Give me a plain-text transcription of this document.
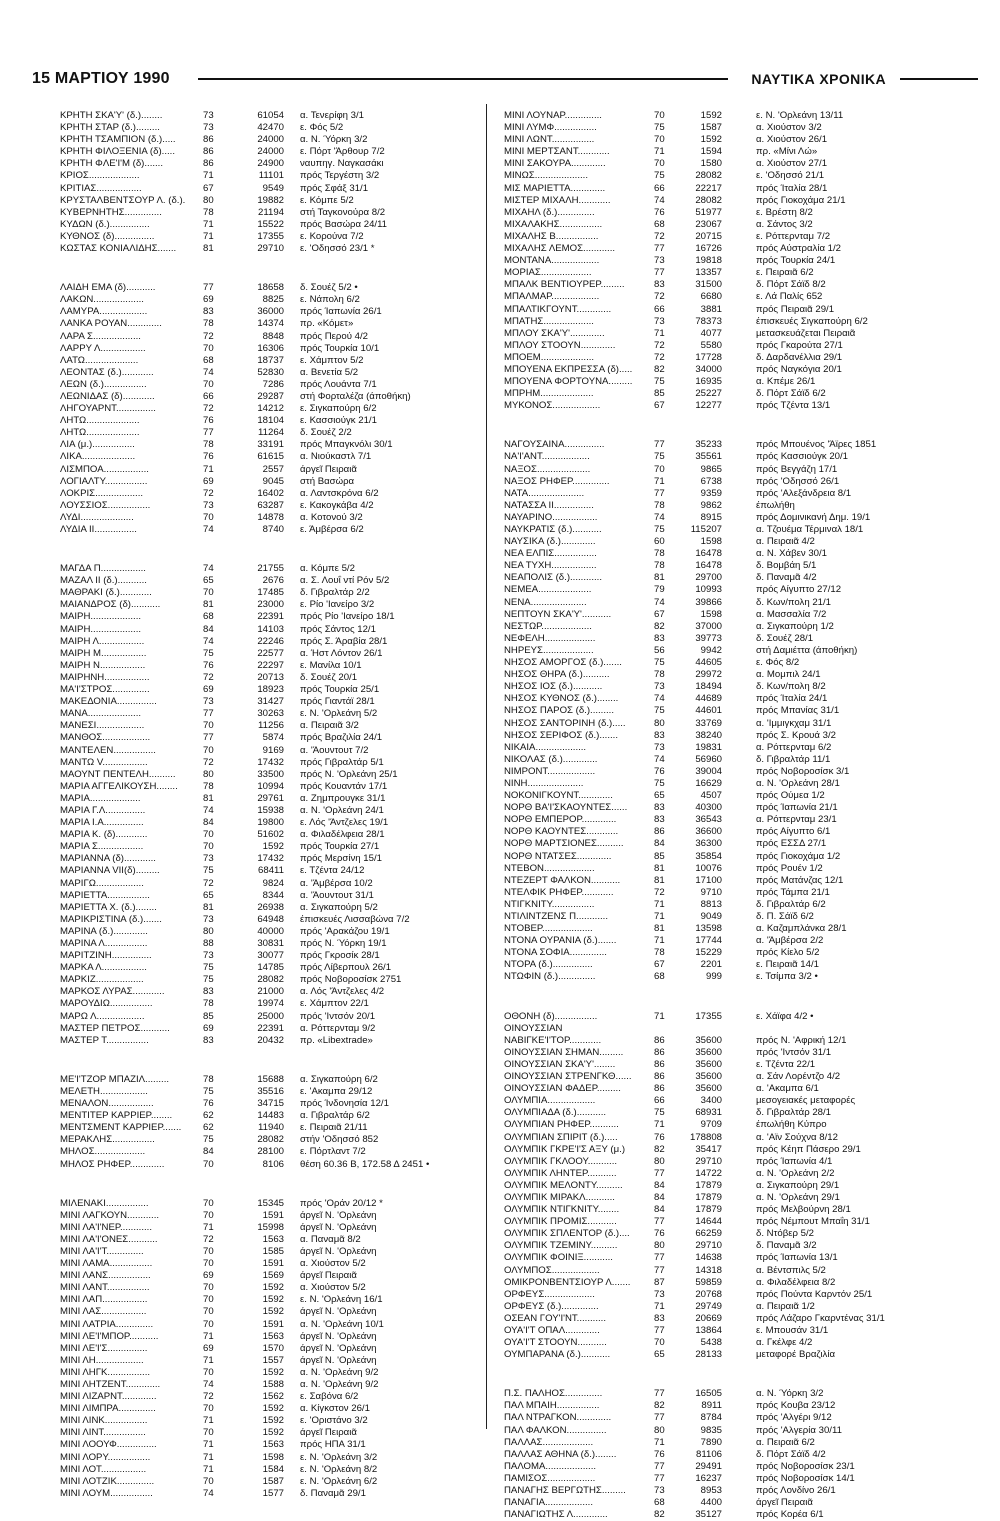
15 ΜΑΡΤΙΟΥ 1990	ΝΑΥΤΙΚΑ ΧΡΟΝΙΚΑ
ΚΡΗΤΗ ΣΚΑ'Υ' (δ.)........	73	61054 α. Τενερίφη 3/1
ΚΡΗΤΗ ΣΤΑΡ (δ.).........	73	42470 ε. Φός 5/2
ΚΡΗΤΗ ΤΣΑΜΠΙΟΝ (δ.).....	86	24000 α. Ν. Ύόρκη 3/2
ΚΡΗΤΗ ΦΙΛΟΞΕΝΙΑ (δ).....	86	24000 ε. Πόρτ 'Άρθουρ 7/2
ΚΡΗΤΗ ΦΛΕ'Ι'Μ (δ).......	86	24900 ναυπηγ. Ναγκασάκι
ΚΡΙΟΣ...................	71	11101 πρός Τεργέστη 3/2
ΚΡΙΤΙΑΣ.................	67	9549 πρός Σφάξ 31/1
ΚΡΥΣΤΑΛΒΕΝΤΣΟΥΡ Λ. (δ.). 80	19882 ε. Κόμπε 5/2
ΚΥΒΕΡΝΗΤΗΣ..............	78	21194 στή Ταγκονούρα 8/2
ΚΥΔΩΝ (δ.)...............	71	15522 πρός Βασώρα 24/11
ΚΥΘΝΟΣ (δ)...............	71	17355 ε. Κορούνα 7/2
ΚΩΣΤΑΣ ΚΟΝΙΑΛΙΔΗΣ.......	81	29710 ε. 'Οδησσό 23/1 *
ΛΑΙΔΗ ΕΜΑ (δ)...........	77	18658 δ. Σουέζ 5/2 •
ΛΑΚΩΝ...................	69	8825 ε. Νάπολη 6/2
ΛΑΜΥΡΑ..................	83	36000 πρός Ίαπωνία 26/1
ΛΑΝΚΑ ΡΟΥΑΝ.............	78	14374 πρ. «Κόμετ»
ΛΑΡΑ Σ..................	72	8848 πρός Περού 4/2
ΛΑΡΡΥ Λ.................	70	16306 πρός Τουρκία 10/1
ΛΑΤΩ....................	68	18737 ε. Χάμπτον 5/2
ΛΕΟΝΤΑΣ (δ.)............	74	52830 α. Βενετία 5/2
ΛΕΩΝ (δ.)................	70	7286 πρός Λουάντα 7/1
ΛΕΩΝΙΔΑΣ (δ)............	66	29287 στή Φορταλέζα (άποθήκη)
ΛΗΓΟΥΑΡΝΤ...............	72	14212 ε. Σιγκαπούρη 6/2
ΛΗΤΩ....................	76	18104 ε. Κασσιούγκ 21/1
ΛΗΤΩ....................	77	11264 δ. Σουέζ 2/2
ΛΙΑ (μ.)................	78	33191 πρός Μπαγκνόλι 30/1
ΛΙΚΑ....................	76	61615 α. Νιούκαστλ 7/1
ΛΙΣΜΠΟΑ.................	71	2557 άργεῖ Πειραιᾶ
ΛΟΓΙΑΛΤΥ................	69	9045 στή Βασώρα
ΛΟΚΡΙΣ..................	72	16402 α. Λαντσκρόνα 6/2
ΛΟΥΣΣΙΟΣ................	73	63287 ε. Κακογκάβα 4/2
ΛΥΔΙ....................	70	14878 α. Κοτονού 3/2
ΛΥΔΙΑ ΙΙ................	74	8740 ε. Άμβέρσα 6/2
ΜΑΓΔΑ Π.................	74	21755 α. Κόμπε 5/2
ΜΑΖΑΛ ΙΙ (δ.)...........	65	2676 α. Σ. Λουΐ ντί Ρόν 5/2
ΜΑΘΡΑΚΙ (δ.)............	70	17485 δ. Γιβραλτάρ 2/2
ΜΑΙΑΝΔΡΟΣ (δ)...........	81	23000 ε. Ρίο 'Ιανείρο 3/2
ΜΑΙΡΗ...................	68	22391 πρός Ρίο 'Ιανείρο 18/1
ΜΑΙΡΗ...................	84	14103 πρός Σάντος 12/1
ΜΑΙΡΗ Λ.................	74	22246 πρός Σ. Άραβία 28/1
ΜΑΙΡΗ Μ.................	75	22577 α. Ήστ Λόντον 26/1
ΜΑΙΡΗ Ν.................	76	22297 ε. Μανίλα 10/1
ΜΑΙΡΗΝΗ.................	72	20713 δ. Σουέζ 20/1
ΜΑ'Ι'ΣΤΡΟΣ..............	69	18923 πρός Τουρκία 25/1
ΜΑΚΕΔΟΝΙΑ...............	73	31427 πρός Γιαντάϊ 28/1
ΜΑΝΑ....................	77	30263 ε. Ν. 'Ορλεάνη 5/2
ΜΑΝΕΣΙ..................	70	11256 α. Πειραιᾶ 3/2
ΜΑΝΘΟΣ..................	77	5874 πρός Βραζιλία 24/1
ΜΑΝΤΕΛΕΝ................	70	9169 α. 'Άουντουτ 7/2
ΜΑΝΤΩ V.................	72	17432 πρός Γιβραλτάρ 5/1
ΜΑΟΥΝΤ ΠΕΝΤΕΛΗ..........	80	33500 πρός Ν. 'Ορλεάνη 25/1
ΜΑΡΙΑ ΑΓΓΕΛΙΚΟΥΣΗ........	78	10994 πρός Κουαντάν 17/1
ΜΑΡΙΑ...................	81	29761 α. Ζημπρουγκε 31/1
ΜΑΡΙΑ Γ.Λ...............	74	15938 α. Ν. 'Ορλεάνη 24/1
ΜΑΡΙΑ Ι.Α...............	84	19800 ε. Λός 'Άντζελες 19/1
ΜΑΡΙΑ Κ. (δ)............	70	51602 α. Φιλαδέλφεια 28/1
ΜΑΡΙΑ Σ.................	70	1592 πρός Τουρκία 27/1
ΜΑΡΙΑΝΝΑ (δ)............	73	17432 πρός Μερσίνη 15/1
ΜΑΡΙΑΝΝΑ VII(δ).........	75	68411 ε. Τζέντα 24/12
ΜΑΡΙΓΩ..................	72	9824 α. 'Άμβέρσα 10/2
ΜΑΡΙΕΤΤΑ................	65	8344 α. 'Άουντουτ 31/1
ΜΑΡΙΕΤΤΑ Χ. (δ.)........	81	26938 α. Σιγκαπούρη 5/2
ΜΑΡΙΚΡΙΣΤΙΝΑ (δ.).......	73	64948 έπισκευές Λισσαβώνα 7/2
ΜΑΡΙΝΑ (δ.).............	80	40000 πρός 'Αρακάζου 19/1
ΜΑΡΙΝΑ Λ................	88	30831 πρός Ν. Ύόρκη 19/1
ΜΑΡΙΤΖΙΝΗ...............	73	30077 πρός Γκροσίκ 28/1
ΜΑΡΚΑ Λ.................	75	14785 πρός Λίβερπουλ 26/1
ΜΑΡΚΙΖ..................	75	28082 πρός Νοβοροσίσκ 2751
ΜΑΡΚΟΣ ΛΥΡΑΣ............	83	21000 α. Λός 'Άντζελες 4/2
ΜΑΡΟΥΔΙΩ................	78	19974 ε. Χάμπτον 22/1
ΜΑΡΩ Λ..................	85	25000 πρός 'Ιντσόν 20/1
ΜΑΣΤΕΡ ΠΕΤΡΟΣ...........	69	22391 α. Ρόττερνταμ 9/2
ΜΑΣΤΕΡ Τ................	83	20432 πρ. «Libextrade»
ΜΕ'Ι'ΤΖΟΡ ΜΠΑΖΙΛ.........	78	15688 α. Σιγκαπούρη 6/2
ΜΕΛΕΤΗ..................	75	35516 ε. 'Ακαμπα 29/12
ΜΕΝΑΛΟΝ.................	76	34715 πρός Ίνδονησία 12/1
ΜΕΝΤΙΤΕΡ ΚΑΡΡΙΕΡ........	62	14483 α. Γιβραλτάρ 6/2
ΜΕΝΤΣΜΕΝΤ ΚΑΡΡΙΕΡ.......	62	11940 ε. Πειραιᾶ 21/11
ΜΕΡΑΚΛΗΣ................	75	28082 στήν 'Οδησσό 852
ΜΗΛΟΣ...................	84	28100 ε. Πόρτλαντ 7/2
ΜΗΛΟΣ ΡΗΦΕΡ.............	70	8106 θέση 60.36 Β, 172.58 Δ 2451 •
ΜΙΛΕΝΑΚΙ................	70	15345 πρός 'Οράν 20/12 *
ΜΙΝΙ ΛΑΓΚΟΥΝ............	70	1591 άργεῖ Ν. 'Ορλεάνη
ΜΙΝΙ ΛΑ'Ι'ΝΕΡ............	71	15998 άργεῖ Ν. 'Ορλεάνη
ΜΙΝΙ ΛΑ'Ι'ΟΝΕΣ...........	72	1563 α. Παναμᾶ 8/2
ΜΙΝΙ ΛΑ'Ι'Τ..............	70	1585 άργεῖ Ν. 'Ορλεάνη
ΜΙΝΙ ΛΑΜΑ................	70	1591 α. Χιούστον 5/2
ΜΙΝΙ ΛΑΝΣ................	69	1569 άργεῖ Πειραιᾶ
ΜΙΝΙ ΛΑΝΤ................	70	1592 α. Χιούστον 5/2
ΜΙΝΙ ΛΑΠ.................	70	1592 ε. Ν. 'Ορλεάνη 16/1
ΜΙΝΙ ΛΑΣ.................	70	1592 άργεῖ Ν. 'Ορλεάνη
ΜΙΝΙ ΛΑΤΡΙΑ..............	70	1591 α. Ν. 'Ορλεάνη 10/1
ΜΙΝΙ ΛΕ'Ι'ΜΠΟΡ...........	71	1563 άργεῖ Ν. 'Ορλεάνη
ΜΙΝΙ ΛΕ'Ι'Σ...............	69	1570 άργεῖ Ν. 'Ορλεάνη
ΜΙΝΙ ΛΗ..................	71	1557 άργεῖ Ν. 'Ορλεάνη
ΜΙΝΙ ΛΗΓΚ................	70	1592 α. Ν. 'Ορλεάνη 9/2
ΜΙΝΙ ΛΗΤΖΕΝΤ.............	74	1588 α. Ν. 'Ορλεάνη 9/2
ΜΙΝΙ ΛΙΖΑΡΝΤ.............	72	1562 ε. Σαβόνα 6/2
ΜΙΝΙ ΛΙΜΠΡΑ..............	70	1592 α. Κίγκστον 26/1
ΜΙΝΙ ΛΙΝΚ................	71	1592 ε. 'Οριστάνο 3/2
ΜΙΝΙ ΛΙΝΤ................	70	1592 άργεῖ Πειραιᾶ
ΜΙΝΙ ΛΟΟΥΦ...............	71	1563 πρός ΗΠΑ 31/1
ΜΙΝΙ ΛΟΡΥ................	71	1598 ε. Ν. 'Ορλεάνη 3/2
ΜΙΝΙ ΛΟΤ.................	71	1584 ε. Ν. 'Ορλεάνη 8/2
ΜΙΝΙ ΛΟΤΖΙΚ..............	70	1587 ε. Ν. 'Ορλεάνη 6/2
ΜΙΝΙ ΛΟΥΜ................	74	1577 δ. Παναμᾶ 29/1
ΜΙΝΙ ΛΟΥΝΑΡ..............	70	1592	ε. Ν. 'Ορλεάνη 13/11
ΜΙΝΙ ΛΥΜΦ................	75	1587	α. Χιούστον 3/2
ΜΙΝΙ ΛΩΝΤ................	70	1592	α. Χιούστον 26/1
ΜΙΝΙ ΜΕΡΤΣΑΝΤ............	71	1594	πρ. «Μίνι Λώ»
ΜΙΝΙ ΣΑΚΟΥΡΑ.............	70	1580	α. Χιούστον 27/1
ΜΙΝΩΣ....................	75	28082	ε. 'Οδησσό 21/1
ΜΙΣ ΜΑΡΙΕΤΤΑ.............	66	22217	πρός Ίταλία 28/1
ΜΙΣΤΕΡ ΜΙΧΑΛΗ............	74	28082	πρός Γιοκοχάμα 21/1
ΜΙΧΑΗΛ (δ.)..............	76	51977	ε. Βρέστη 8/2
ΜΙΧΑΛΑΚΗΣ................	68	23067	α. Σάντος 3/2
ΜΙΧΑΛΗΣ Β................	72	20715	ε. Ρόττερνταμ 7/2
ΜΙΧΑΛΗΣ ΛΕΜΟΣ............	77	16726	πρός Αύστραλία 1/2
ΜΟΝΤΑΝΑ..................	73	19818	πρός Τουρκία 24/1
ΜΟΡΙΑΣ...................	77	13357	ε. Πειραιᾶ 6/2
ΜΠΑΛΚ ΒΕΝΤΙΟΥΡΕΡ.........	83	31500	δ. Πόρτ Σάϊδ 8/2
ΜΠΑΛΜΑΡ..................	72	6680	ε. Λά Παλίς 652
ΜΠΑΛΤΙΚΓΟΥΝΤ.............	66	3881	πρός Πειραιᾶ 29/1
ΜΠΑΤΗΣ...................	73	78373	έπισκευές Σιγκαπούρη 6/2
ΜΠΛΟΥ ΣΚΑ'Υ'.............	71	4077	μετασκευάζεται Πειραιᾶ
ΜΠΛΟΥ ΣΤΟΟΥΝ.............	72	5580	πρός Γκαρούτα 27/1
ΜΠΟΕΜ....................	72	17728	δ. Δαρδανέλλια 29/1
ΜΠΟΥΕΝΑ ΕΚΠΡΕΣΣΑ (δ).....	82	34000	πρός Ναγκόγια 20/1
ΜΠΟΥΕΝΑ ΦΟΡΤΟΥΝΑ.........	75	16935	α. Κπέμε 26/1
ΜΠΡΗΜ....................	85	25227	δ. Πόρτ Σάϊδ 6/2
ΜΥΚΟΝΟΣ..................	67	12277	πρός Τζέντα 13/1
ΝΑΓΟΥΣΑΙΝΑ...............	77	35233	πρός Μπουένος 'Άϊρες 1851
ΝΑ'Ι'ΑΝΤ..................	75	35561	πρός Κασσιούγκ 20/1
ΝΑΞΟΣ....................	70	9865	πρός Βεγγάζη 17/1
ΝΑΞΟΣ ΡΗΦΕΡ..............	71	6738	πρός 'Οδησσό 26/1
ΝΑΤΑ.....................	77	9359	πρός 'Αλεξάνδρεια 8/1
ΝΑΤΑΣΣΑ ΙΙ...............	78	9862	έπωλήθη
ΝΑΥΑΡΙΝΟ.................	74	8915	πρός Δομινικανή Δημ. 19/1
ΝΑΥΚΡΑΤΙΣ (δ.)...........	75	115207	α. Τζουέμα Τέρμιναλ 18/1
ΝΑΥΣΙΚΑ (δ.).............	60	1598	α. Πειραιᾶ 4/2
ΝΕΑ ΕΛΠΙΣ................	78	16478	α. Ν. Χάβεν 30/1
ΝΕΑ ΤΥΧΗ.................	78	16478	δ. Βομβάη 5/1
ΝΕΑΠΟΛΙΣ (δ.)............	81	29700	δ. Παναμᾶ 4/2
ΝΕΜΕΑ....................	79	10993	πρός Αίγυπτο 27/12
ΝΕΝΑ.....................	74	39866	δ. Κων/πολη 21/1
ΝΕΠΤΟΥΝ ΣΚΑ'Υ'...........	67	1598	α. Μασσαλία 7/2
ΝΕΣΤΩΡ...................	82	37000	α. Σιγκαπούρη 1/2
ΝΕΦΕΛΗ...................	83	39773	δ. Σουέζ 28/1
ΝΗΡΕΥΣ...................	56	9942	στή Δαμιέττα (άποθήκη)
ΝΗΣΟΣ ΑΜΟΡΓΟΣ (δ.).......	75	44605	ε. Φός 8/2
ΝΗΣΟΣ ΘΗΡΑ (δ.)..........	78	29972	α. Μομπιλ 24/1
ΝΗΣΟΣ ΙΟΣ (δ.)...........	73	18494	δ. Κων/πολη 8/2
ΝΗΣΟΣ ΚΥΘΝΟΣ (δ.)........	74	44689	πρός Ίταλία 24/1
ΝΗΣΟΣ ΠΑΡΟΣ (δ.).........	75	44601	πρός Μπανίας 31/1
ΝΗΣΟΣ ΣΑΝΤΟΡΙΝΗ (δ.).....	80	33769	α. 'Ιμμιγκχαμ 31/1
ΝΗΣΟΣ ΣΕΡΙΦΟΣ (δ.).......	83	38240	πρός Σ. Κρουά 3/2
ΝΙΚΑΙΑ...................	73	19831	α. Ρόττερνταμ 6/2
ΝΙΚΟΛΑΣ (δ.).............	74	56960	δ. Γιβραλτάρ 11/1
ΝΙΜΡΟΝΤ..................	76	39004	πρός Νοβοροσίσκ 3/1
ΝΙΝΗ.....................	75	16629	α. Ν. 'Ορλεάνη 28/1
ΝΟΚΟΝΙΓΚΟΥΝΤ.............	65	4507	πρός Ούμεα 1/2
ΝΟΡΘ ΒΑ'Ι'ΣΚΑΟΥΝΤΕΣ......	83	40300	πρός Ίαπωνία 21/1
ΝΟΡΘ ΕΜΠΕΡΟΡ.............	83	36543	α. Ρόττερνταμ 23/1
ΝΟΡΘ ΚΑΟΥΝΤΕΣ............	86	36600	πρός Αίγυπτο 6/1
ΝΟΡΘ ΜΑΡΤΣΙΟΝΕΣ..........	84	36300	πρός ΕΣΣΔ 27/1
ΝΟΡΘ ΝΤΑΤΣΕΣ.............	85	35854	πρός Γιοκοχάμα 1/2
ΝΤΕΒΟΝ...................	81	10076	πρός Ρουέν 1/2
ΝΤΕΖΕΡΤ ΦΑΛΚΟΝ...........	81	17100	πρός Ματάνζας 12/1
ΝΤΕΛΦΙΚ ΡΗΦΕΡ............	72	9710	πρός Τάμπα 21/1
ΝΤΙΓΚΝΙΤΥ................	71	8813	δ. Γιβραλτάρ 6/2
ΝΤΙΛΙΝΤΖΕΝΣ Π............	71	9049	δ. Π. Σάϊδ 6/2
ΝΤΟΒΕΡ...................	81	13598	α. Καζαμπλάνκα 28/1
ΝΤΟΝΑ ΟΥΡΑΝΙΑ (δ.).......	71	17744	α. 'Άμβέρσα 2/2
ΝΤΟΝΑ ΣΟΦΙΑ..............	78	15229	πρός Κίελο 5/2
ΝΤΟΡΑ (δ.)...............	67	2201	ε. Πειραιᾶ 14/1
ΝΤΩΦΙΝ (δ.)..............	68	999	ε. Τσίμπα 3/2 •
ΟΘΟΝΗ (δ)................	71	17355	ε. Χάϊφα 4/2 •
ΟΙΝΟΥΣΣΙΑΝ
ΝΑΒΙΓΚΕ'Ι'ΤΟΡ............	86	35600	πρός Ν. 'Αφρική 12/1
ΟΙΝΟΥΣΣΙΑΝ ΣΗΜΑΝ.........	86	35600	πρός 'Ιντσόν 31/1
ΟΙΝΟΥΣΣΙΑΝ ΣΚΑ'Υ'........	86	35600	ε. Τζέντα 22/1
ΟΙΝΟΥΣΣΙΑΝ ΣΤΡΕΝΓΚΘ......	86	35600	α. Σάν Λορέντζο 4/2
ΟΙΝΟΥΣΣΙΑΝ ΦΑΔΕΡ.........	86	35600	α. 'Ακαμπα 6/1
ΟΛΥΜΠΙΑ..................	66	3400	μεσογειακές μεταφορές
ΟΛΥΜΠΙΑΔΑ (δ.)...........	75	68931	δ. Γιβραλτάρ 28/1
ΟΛΥΜΠΙΑΝ ΡΗΦΕΡ...........	71	9709	έπωλήθη Κύπρο
ΟΛΥΜΠΙΑΝ ΣΠΙΡΙΤ (δ.).....	76	178808	α. 'Αϊν Σούχνα 8/12
ΟΛΥΜΠΙΚ ΓΚΡΕ'Ι'Σ ΑΞΥ (μ.)	82	35417	πρός Κέηπ Πάσερο 29/1
ΟΛΥΜΠΙΚ ΓΚΛΟΟΥ...........	80	29710	πρός Ίαπωνία 4/1
ΟΛΥΜΠΙΚ ΛΗΝΤΕΡ...........	77	14722	α. Ν. 'Ορλεάνη 2/2
ΟΛΥΜΠΙΚ ΜΕΛΟΝΤΥ..........	84	17879	α. Σιγκαπούρη 29/1
ΟΛΥΜΠΙΚ ΜΙΡΑΚΛ...........	84	17879	α. Ν. 'Ορλεάνη 29/1
ΟΛΥΜΠΙΚ ΝΤΙΓΚΝΙΤΥ........	84	17879	πρός Μελβούρνη 28/1
ΟΛΥΜΠΙΚ ΠΡΟΜΙΣ...........	77	14644	πρός Νέμπουτ Μπαΐη 31/1
ΟΛΥΜΠΙΚ ΣΠΛΕΝΤΟΡ (δ.)....	76	66259	δ. Ντόβερ 5/2
ΟΛΥΜΠΙΚ ΤΖΕΜΙΝΥ..........	80	29710	δ. Παναμᾶ 3/2
ΟΛΥΜΠΙΚ ΦΟΙΝΙΞ...........	77	14638	πρός Ίαπωνία 13/1
ΟΛΥΜΠΟΣ..................	77	14318	α. Βέντσπιλς 5/2
ΟΜΙΚΡΟΝΒΕΝΤΣΙΟΥΡ Λ.......	87	59859	α. Φιλαδέλφεια 8/2
ΟΡΦΕΥΣ...................	73	20768	πρός Πούντα Καρντόν 25/1
ΟΡΦΕΥΣ (δ.)..............	71	29749	α. Πειραιᾶ 1/2
ΟΣΕΑΝ ΓΟΥ'Ι'ΝΤ...........	83	20669	πρός Λάζαρο Γκαρντένας 31/1
ΟΥΑ'Ι'Τ ΟΠΑΛ.............	77	13864	ε. Μπουσάν 31/1
ΟΥΑ'Ι'Τ ΣΤΟΟΥΝ...........	70	5438	α. Γκέλφε 4/2
ΟΥΜΠΑΡΑΝΑ (δ.)...........	65	28133	μεταφορέ Βραζιλία
Π.Σ. ΠΑΛΗΟΣ..............	77	16505	α. Ν. Ύόρκη 3/2
ΠΑΛ ΜΠΑΙΗ................	82	8911	πρός Κουβα 23/12
ΠΑΛ ΝΤΡΑΓΚΟΝ.............	77	8784	πρός 'Αλγέρι 9/12
ΠΑΛ ΦΑΛΚΟΝ...............	80	9835	πρός 'Αλγερία 30/11
ΠΑΛΛΑΣ...................	71	7890	α. Πειραιᾶ 6/2
ΠΑΛΛΑΣ ΑΘΗΝΑ (δ.)........	76	81106	δ. Πόρτ Σάϊδ 4/2
ΠΑΛΟΜΑ...................	77	29491	πρός Νοβοροσίσκ 23/1
ΠΑΜΙΣΟΣ..................	77	16237	πρός Νοβοροσίσκ 14/1
ΠΑΝΑΓΗΣ ΒΕΡΓΩΤΗΣ.........	73	8953	πρός Λονδίνο 26/1
ΠΑΝΑΓΙΑ..................	68	4400	άργεῖ Πειραιᾶ
ΠΑΝΑΓΙΩΤΗΣ Λ.............	82	35127	πρός Κορέα 6/1
